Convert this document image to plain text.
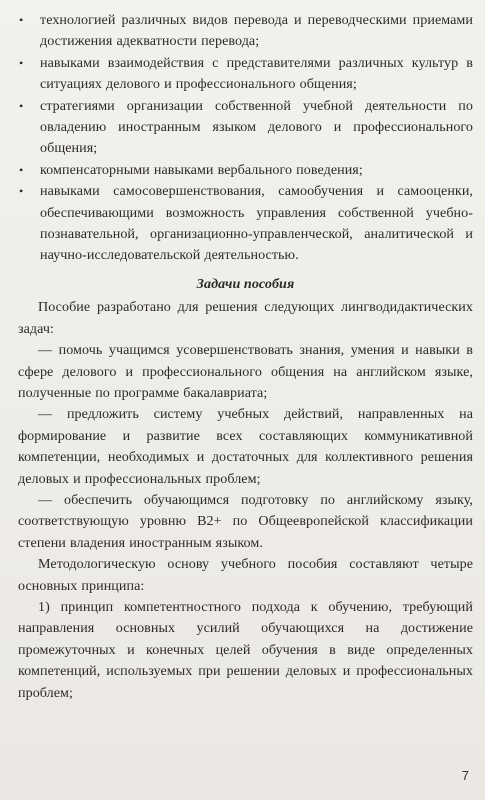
• технологией различных видов перевода и переводческими приемами достижения адекватности перевода;
• навыками взаимодействия с представителями различных культур в ситуациях делового и профессионального общения;
• стратегиями организации собственной учебной деятельности по овладению иностранным языком делового и профессионального общения;
• компенсаторными навыками вербального поведения;
• навыками самосовершенствования, самообучения и самооценки, обеспечивающими возможность управления собственной учебно-познавательной, организационно-управленческой, аналитической и научно-исследовательской деятельностью.
Задачи пособия

Пособие разработано для решения следующих лингводидактических задач:

— помочь учащимся усовершенствовать знания, умения и навыки в сфере делового и профессионального общения на английском языке, полученные по программе бакалавриата;

— предложить систему учебных действий, направленных на формирование и развитие всех составляющих коммуникативной компетенции, необходимых и достаточных для коллективного решения деловых и профессиональных проблем;

— обеспечить обучающимся подготовку по английскому языку, соответствующую уровню B2+ по Общеевропейской классификации степени владения иностранным языком.

Методологическую основу учебного пособия составляют четыре основных принципа:

1) принцип компетентностного подхода к обучению, требующий направления основных усилий обучающихся на достижение промежуточных и конечных целей обучения в виде определенных компетенций, используемых при решении деловых и профессиональных проблем;

7
